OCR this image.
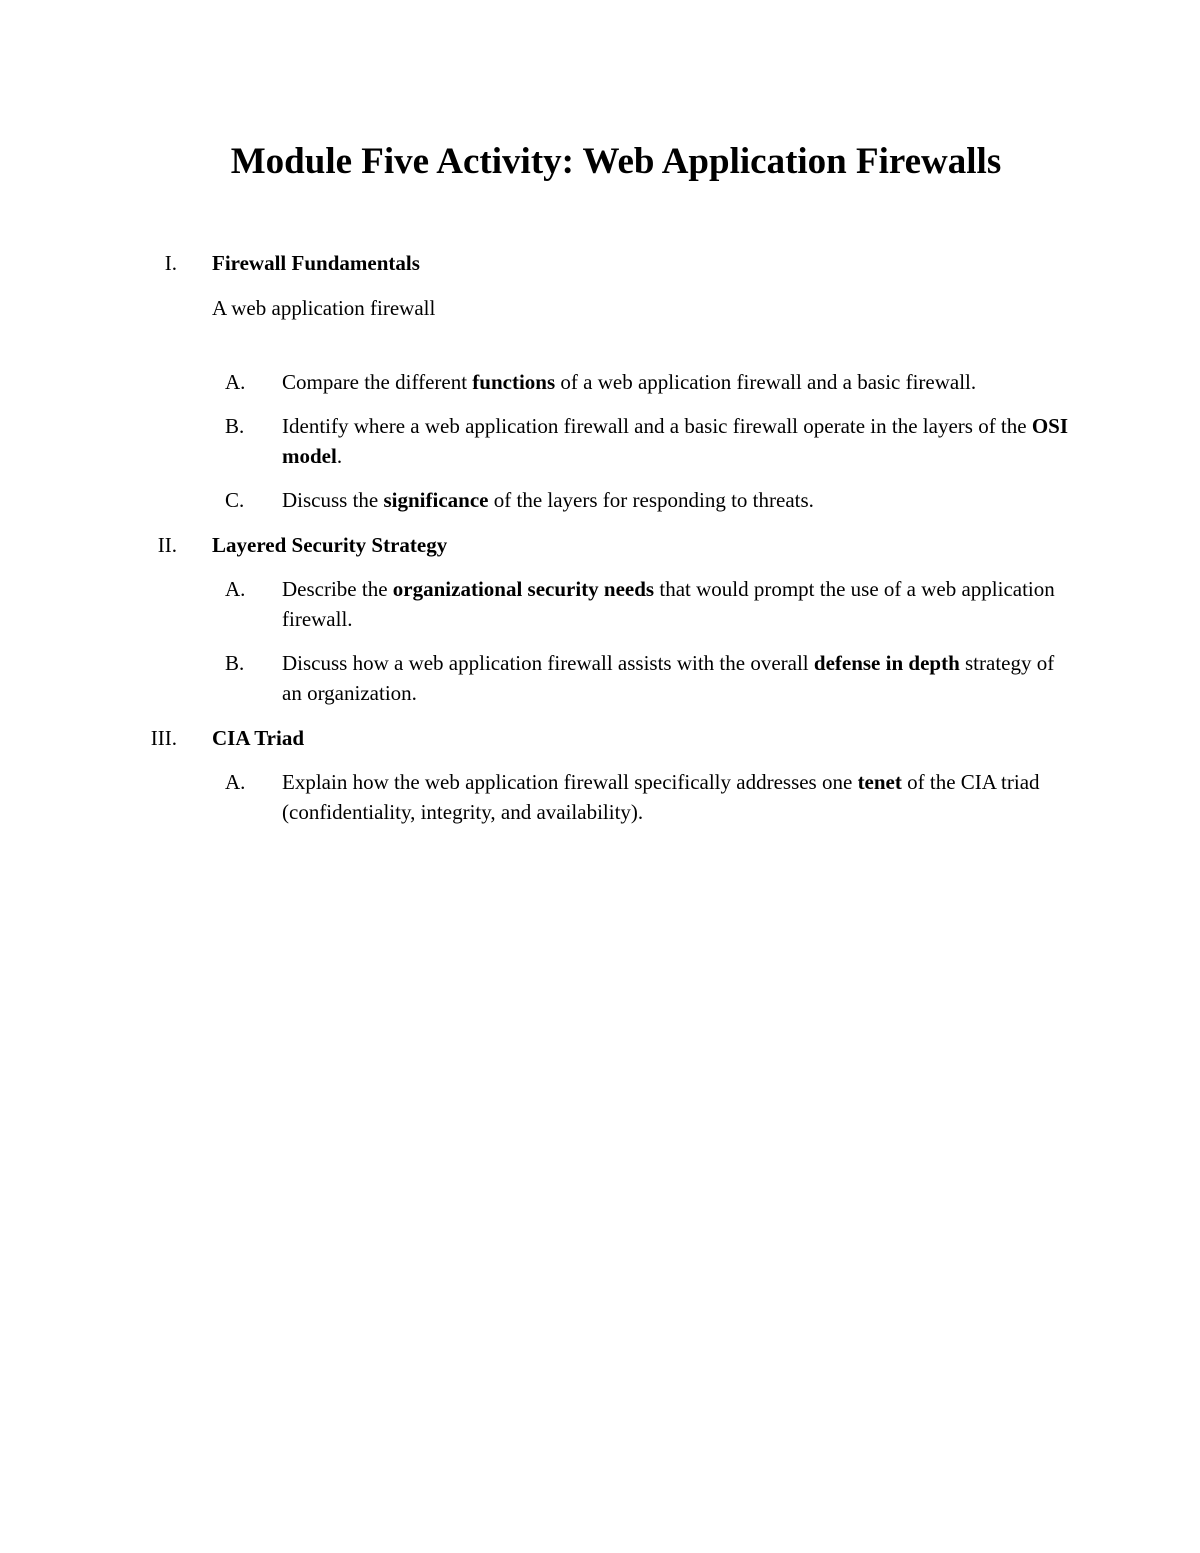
Module Five Activity: Web Application Firewalls
I. Firewall Fundamentals
A web application firewall
A. Compare the different functions of a web application firewall and a basic firewall.
B. Identify where a web application firewall and a basic firewall operate in the layers of the OSI model.
C. Discuss the significance of the layers for responding to threats.
II. Layered Security Strategy
A. Describe the organizational security needs that would prompt the use of a web application firewall.
B. Discuss how a web application firewall assists with the overall defense in depth strategy of an organization.
III. CIA Triad
A. Explain how the web application firewall specifically addresses one tenet of the CIA triad (confidentiality, integrity, and availability).
